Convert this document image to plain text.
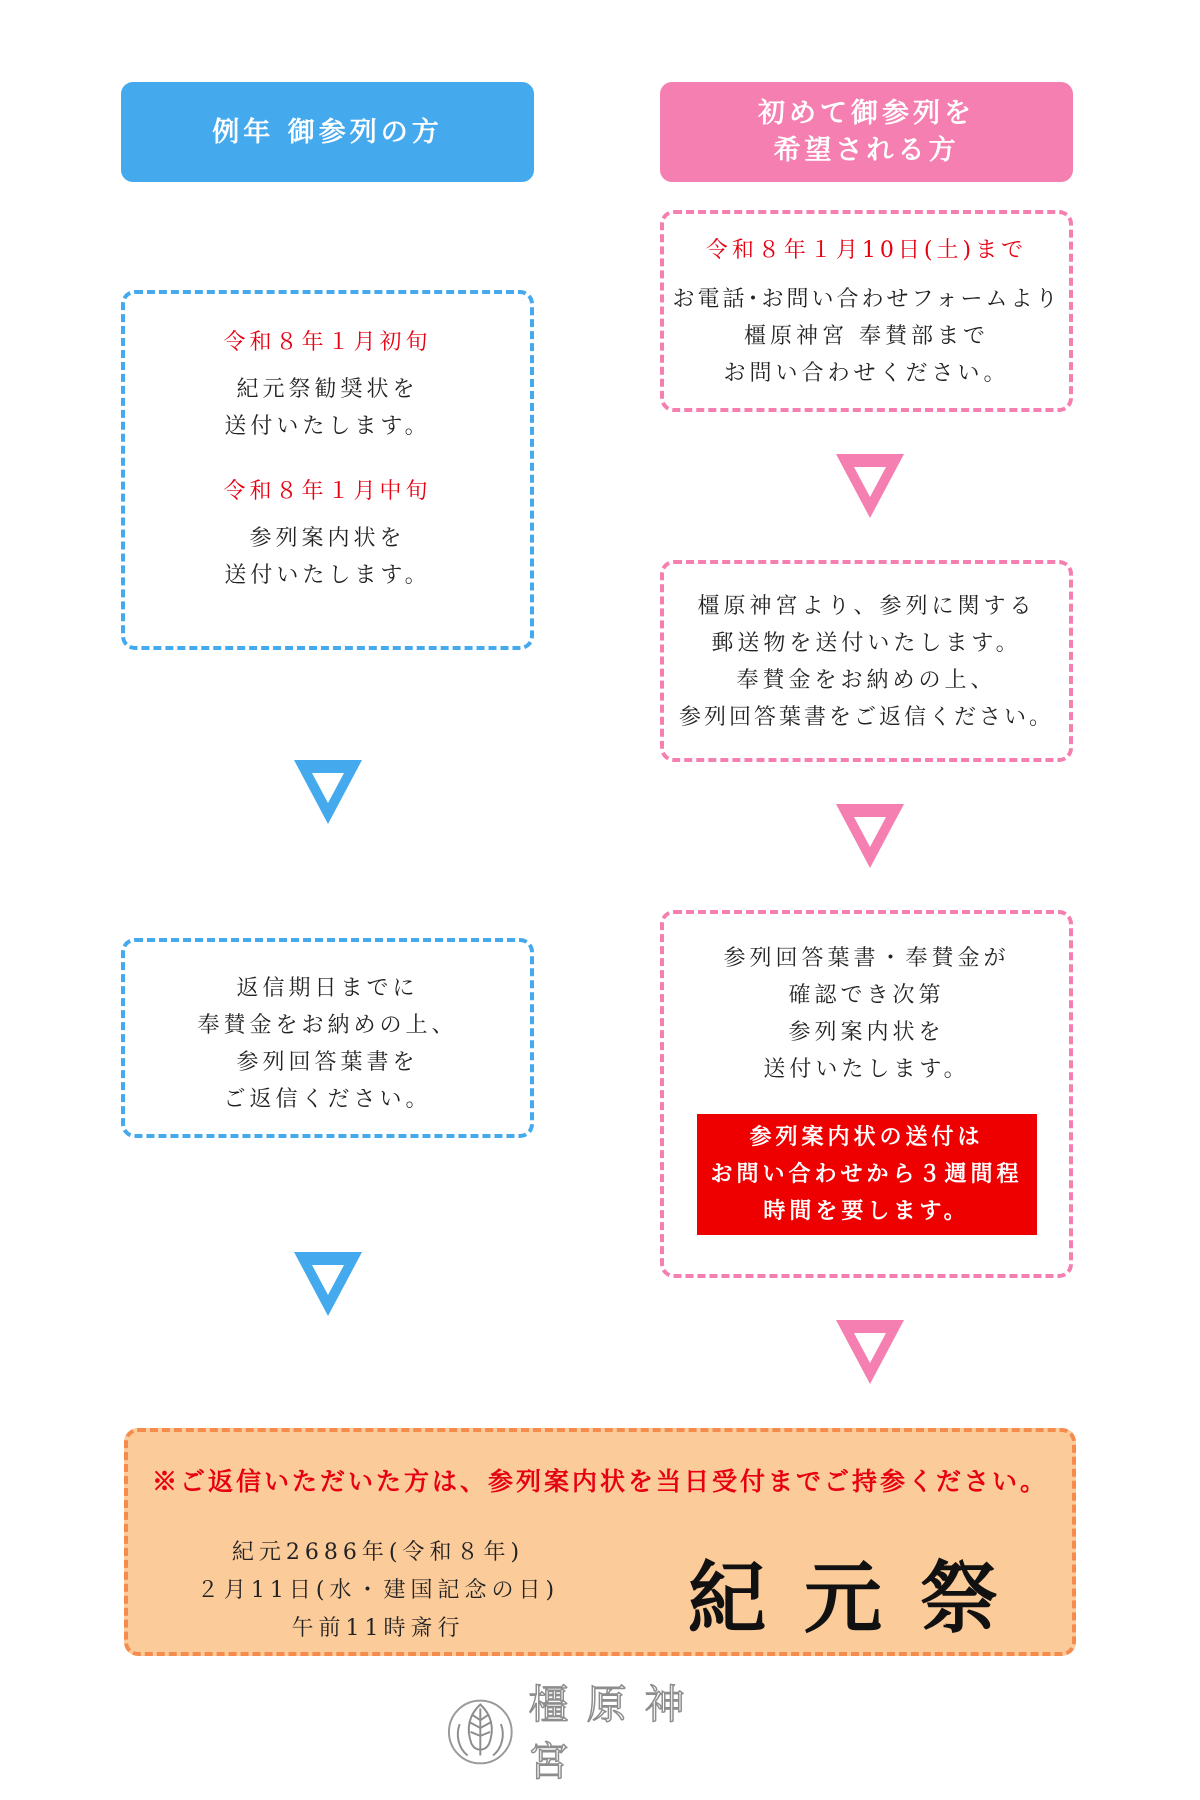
例年 御参列の方
初めて御参列を
希望される方
令和８年１月初旬
紀元祭勧奨状を
送付いたします。
令和８年１月中旬
参列案内状を
送付いたします。
返信期日までに
奉賛金をお納めの上、
参列回答葉書を
ご返信ください。
令和８年１月10日(土)まで
お電話･お問い合わせフォームより
橿原神宮 奉賛部まで
お問い合わせください。
橿原神宮より、参列に関する
郵送物を送付いたします。
奉賛金をお納めの上、
参列回答葉書をご返信ください。
参列回答葉書・奉賛金が
確認でき次第
参列案内状を
送付いたします。
参列案内状の送付は
お問い合わせから３週間程
時間を要します。
※ご返信いただいた方は、参列案内状を当日受付までご持参ください。
紀元2686年(令和８年)
２月11日(水・建国記念の日)
午前11時斎行	紀元祭
橿原神宮
